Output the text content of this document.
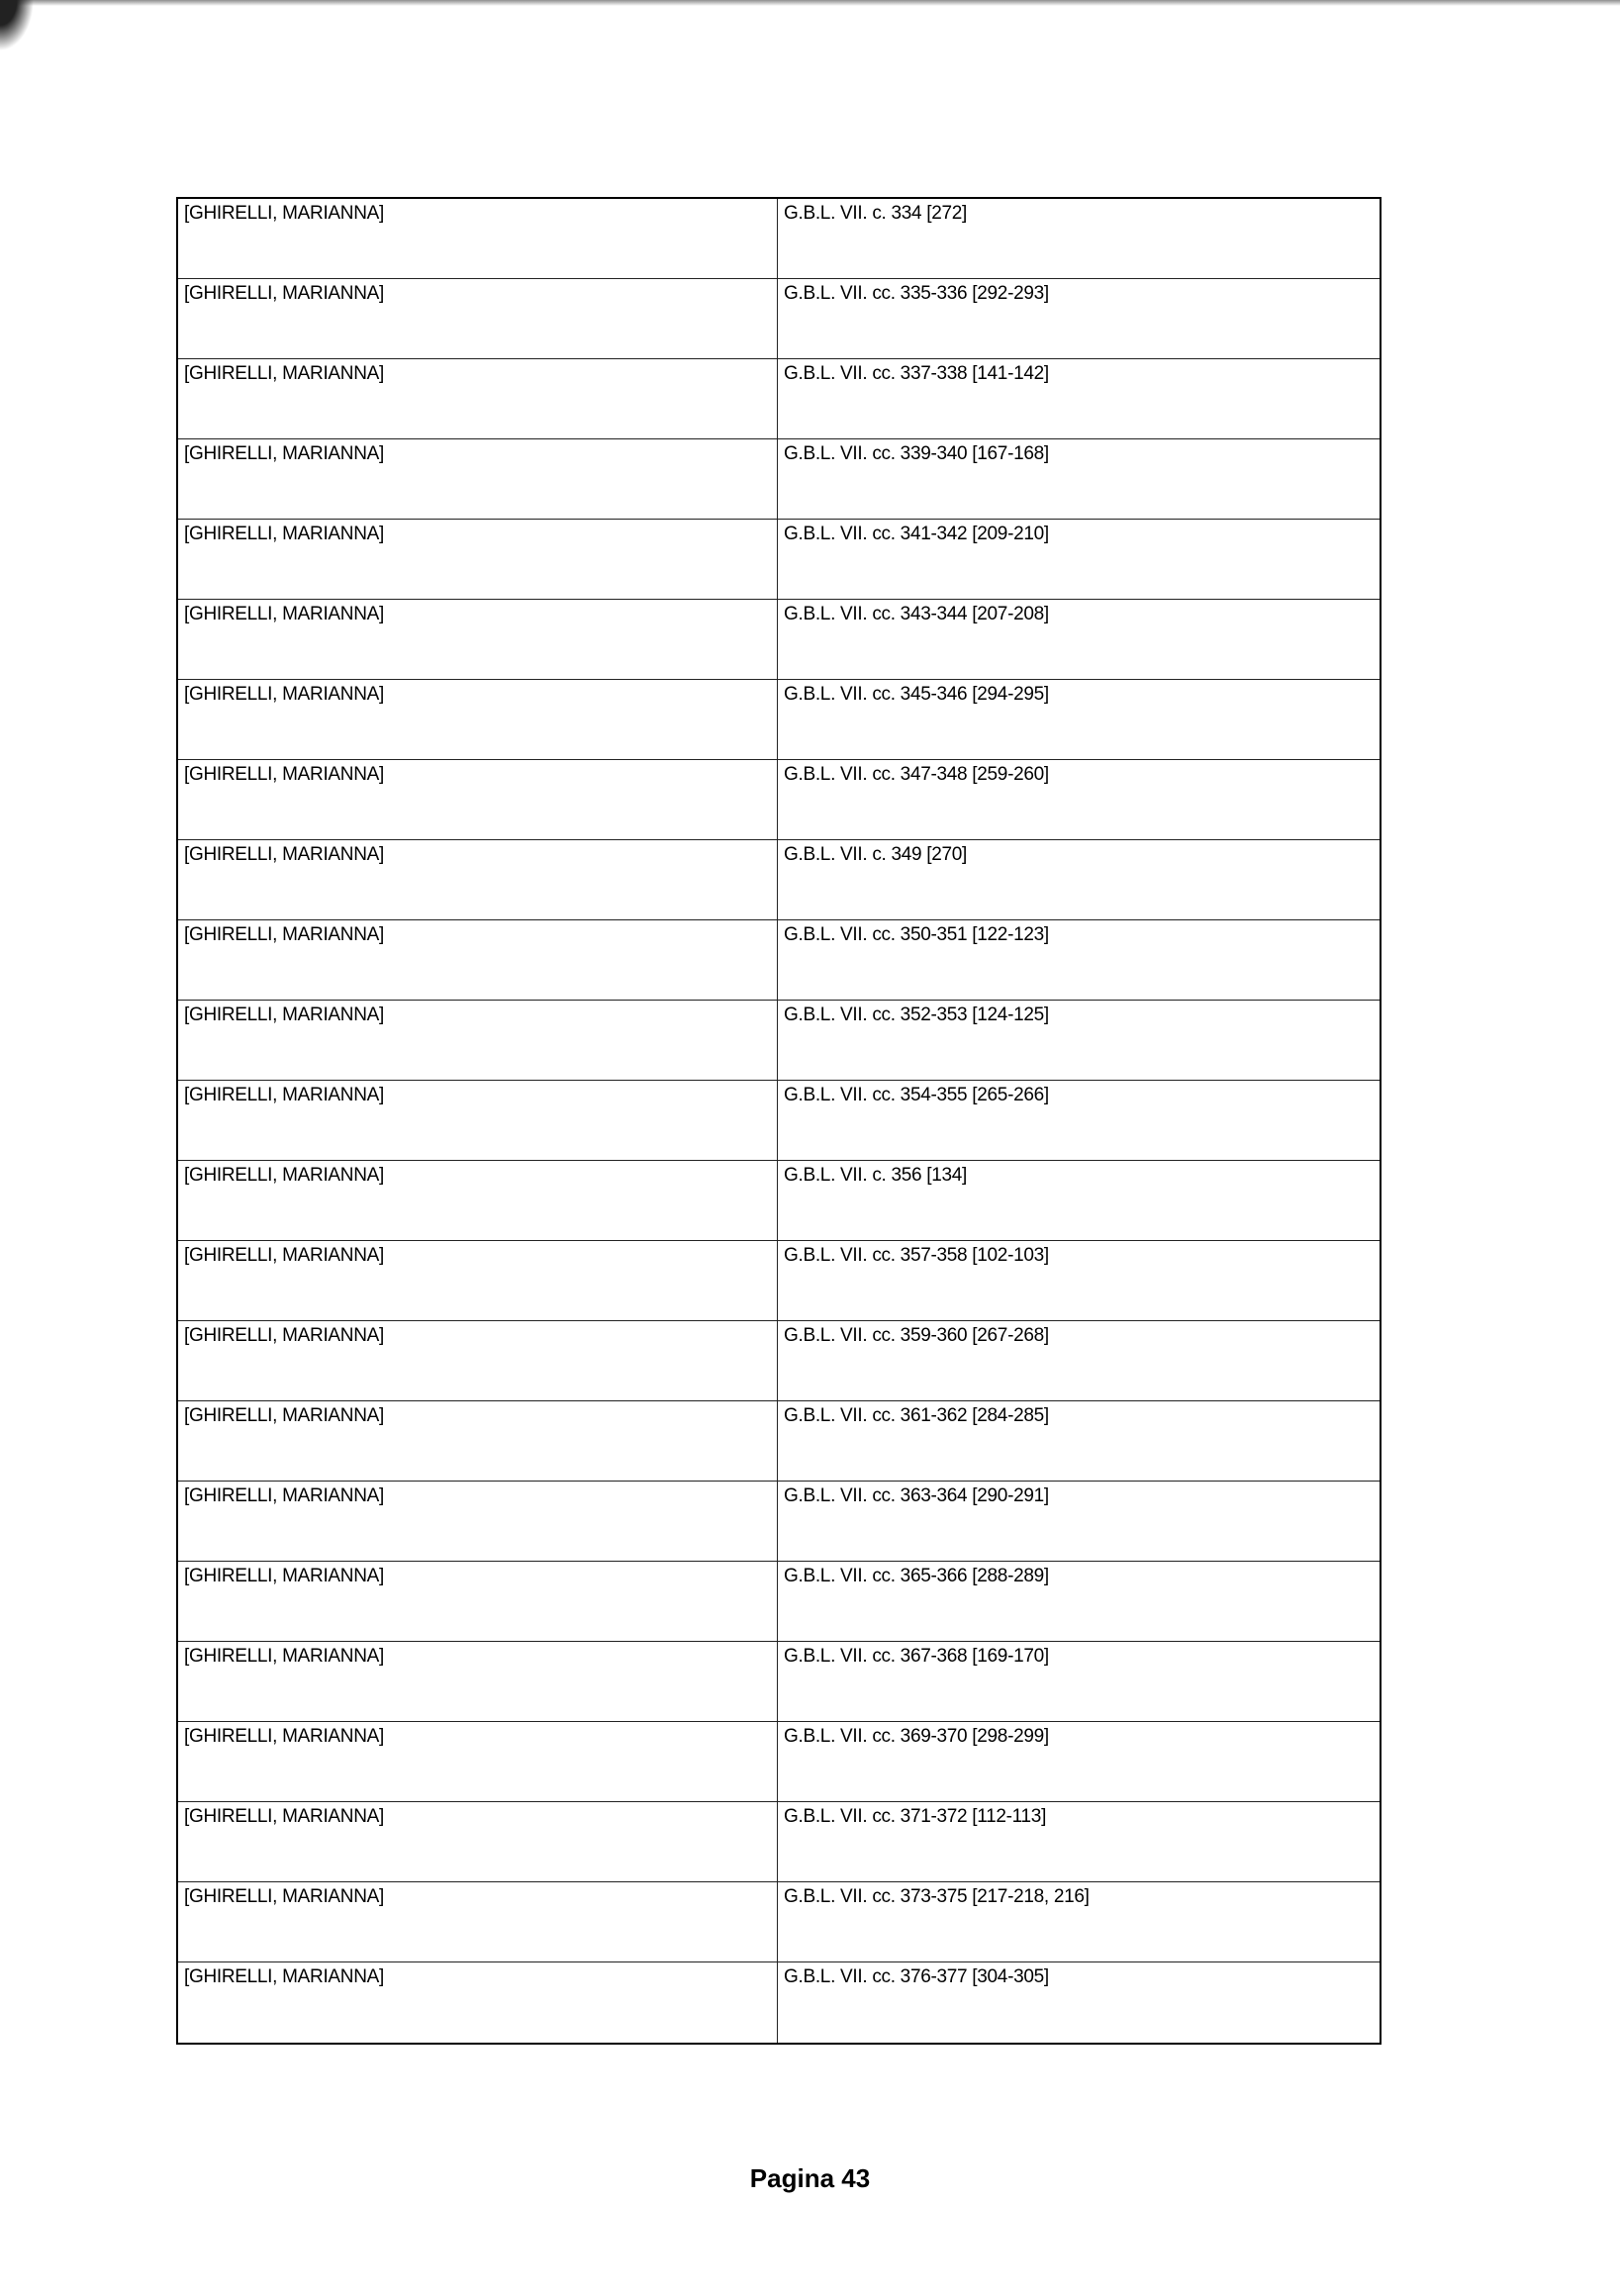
[GHIRELLI, MARIANNA]	G.B.L. VII. c. 334 [272]
[GHIRELLI, MARIANNA]	G.B.L. VII. cc. 335-336 [292-293]
[GHIRELLI, MARIANNA]	G.B.L. VII. cc. 337-338 [141-142]
[GHIRELLI, MARIANNA]	G.B.L. VII. cc. 339-340 [167-168]
[GHIRELLI, MARIANNA]	G.B.L. VII. cc. 341-342 [209-210]
[GHIRELLI, MARIANNA]	G.B.L. VII. cc. 343-344 [207-208]
[GHIRELLI, MARIANNA]	G.B.L. VII. cc. 345-346 [294-295]
[GHIRELLI, MARIANNA]	G.B.L. VII. cc. 347-348 [259-260]
[GHIRELLI, MARIANNA]	G.B.L. VII. c. 349 [270]
[GHIRELLI, MARIANNA]	G.B.L. VII. cc. 350-351 [122-123]
[GHIRELLI, MARIANNA]	G.B.L. VII. cc. 352-353 [124-125]
[GHIRELLI, MARIANNA]	G.B.L. VII. cc. 354-355 [265-266]
[GHIRELLI, MARIANNA]	G.B.L. VII. c. 356 [134]
[GHIRELLI, MARIANNA]	G.B.L. VII. cc. 357-358 [102-103]
[GHIRELLI, MARIANNA]	G.B.L. VII. cc. 359-360 [267-268]
[GHIRELLI, MARIANNA]	G.B.L. VII. cc. 361-362 [284-285]
[GHIRELLI, MARIANNA]	G.B.L. VII. cc. 363-364 [290-291]
[GHIRELLI, MARIANNA]	G.B.L. VII. cc. 365-366 [288-289]
[GHIRELLI, MARIANNA]	G.B.L. VII. cc. 367-368 [169-170]
[GHIRELLI, MARIANNA]	G.B.L. VII. cc. 369-370 [298-299]
[GHIRELLI, MARIANNA]	G.B.L. VII. cc. 371-372 [112-113]
[GHIRELLI, MARIANNA]	G.B.L. VII. cc. 373-375 [217-218, 216]
[GHIRELLI, MARIANNA]	G.B.L. VII. cc. 376-377 [304-305]
Pagina 43
